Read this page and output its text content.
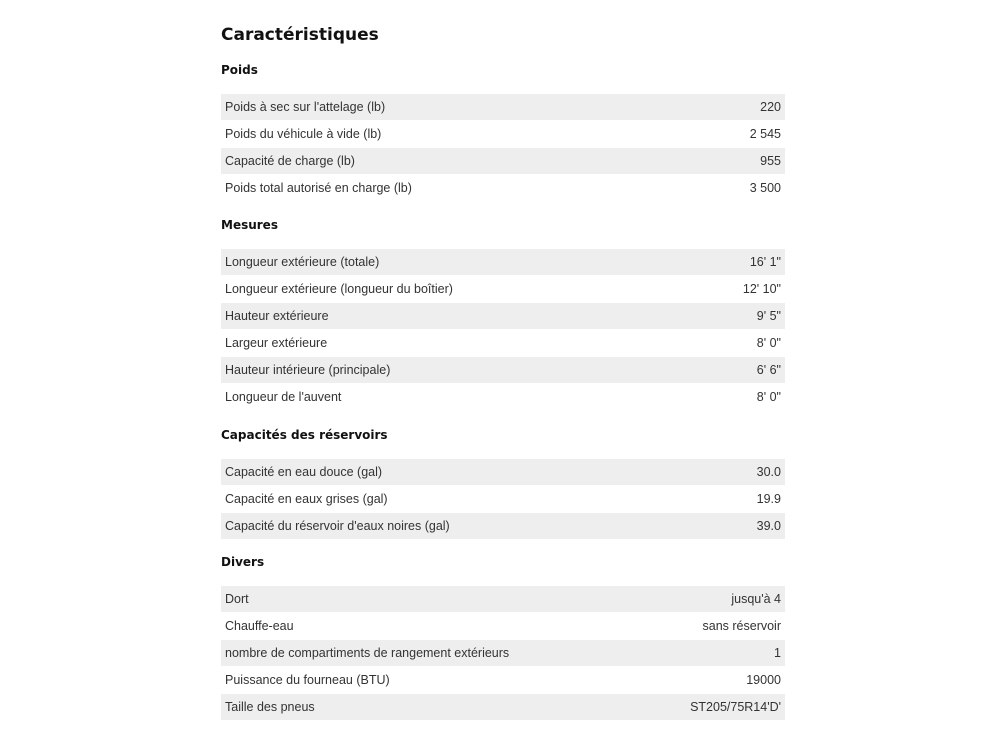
Caractéristiques
Poids
Poids à sec sur l'attelage (lb)	220
Poids du véhicule à vide (lb)	2 545
Capacité de charge (lb)	955
Poids total autorisé en charge (lb)	3 500
Mesures
Longueur extérieure (totale)	16' 1"
Longueur extérieure (longueur du boîtier)	12' 10"
Hauteur extérieure	9' 5"
Largeur extérieure	8' 0"
Hauteur intérieure (principale)	6' 6"
Longueur de l'auvent	8' 0"
Capacités des réservoirs
Capacité en eau douce (gal)	30.0
Capacité en eaux grises (gal)	19.9
Capacité du réservoir d'eaux noires (gal)	39.0
Divers
Dort	jusqu'à 4
Chauffe-eau	sans réservoir
nombre de compartiments de rangement extérieurs	1
Puissance du fourneau (BTU)	19000
Taille des pneus	ST205/75R14'D'
